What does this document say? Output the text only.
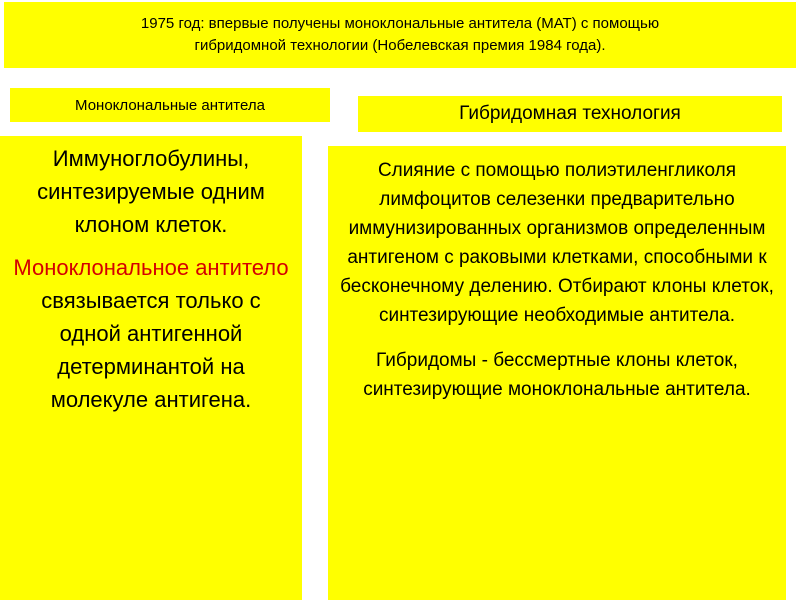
1975 год: впервые получены моноклональные антитела (МАТ) с помощью
гибридомной технологии (Нобелевская премия 1984 года).
Моноклональные антитела	Гибридомная технология

Иммуноглобулины, синтезируемые одним клоном клеток.

Моноклональное антитело

связывается только с одной антигенной детерминантой на молекуле антигена.

Слияние с помощью полиэтиленгликоля лимфоцитов селезенки предварительно иммунизированных организмов определенным антигеном с раковыми клетками, способными к бесконечному делению. Отбирают клоны клеток, синтезирующие необходимые антитела.

Гибридомы - бессмертные клоны клеток, синтезирующие моноклональные антитела.
